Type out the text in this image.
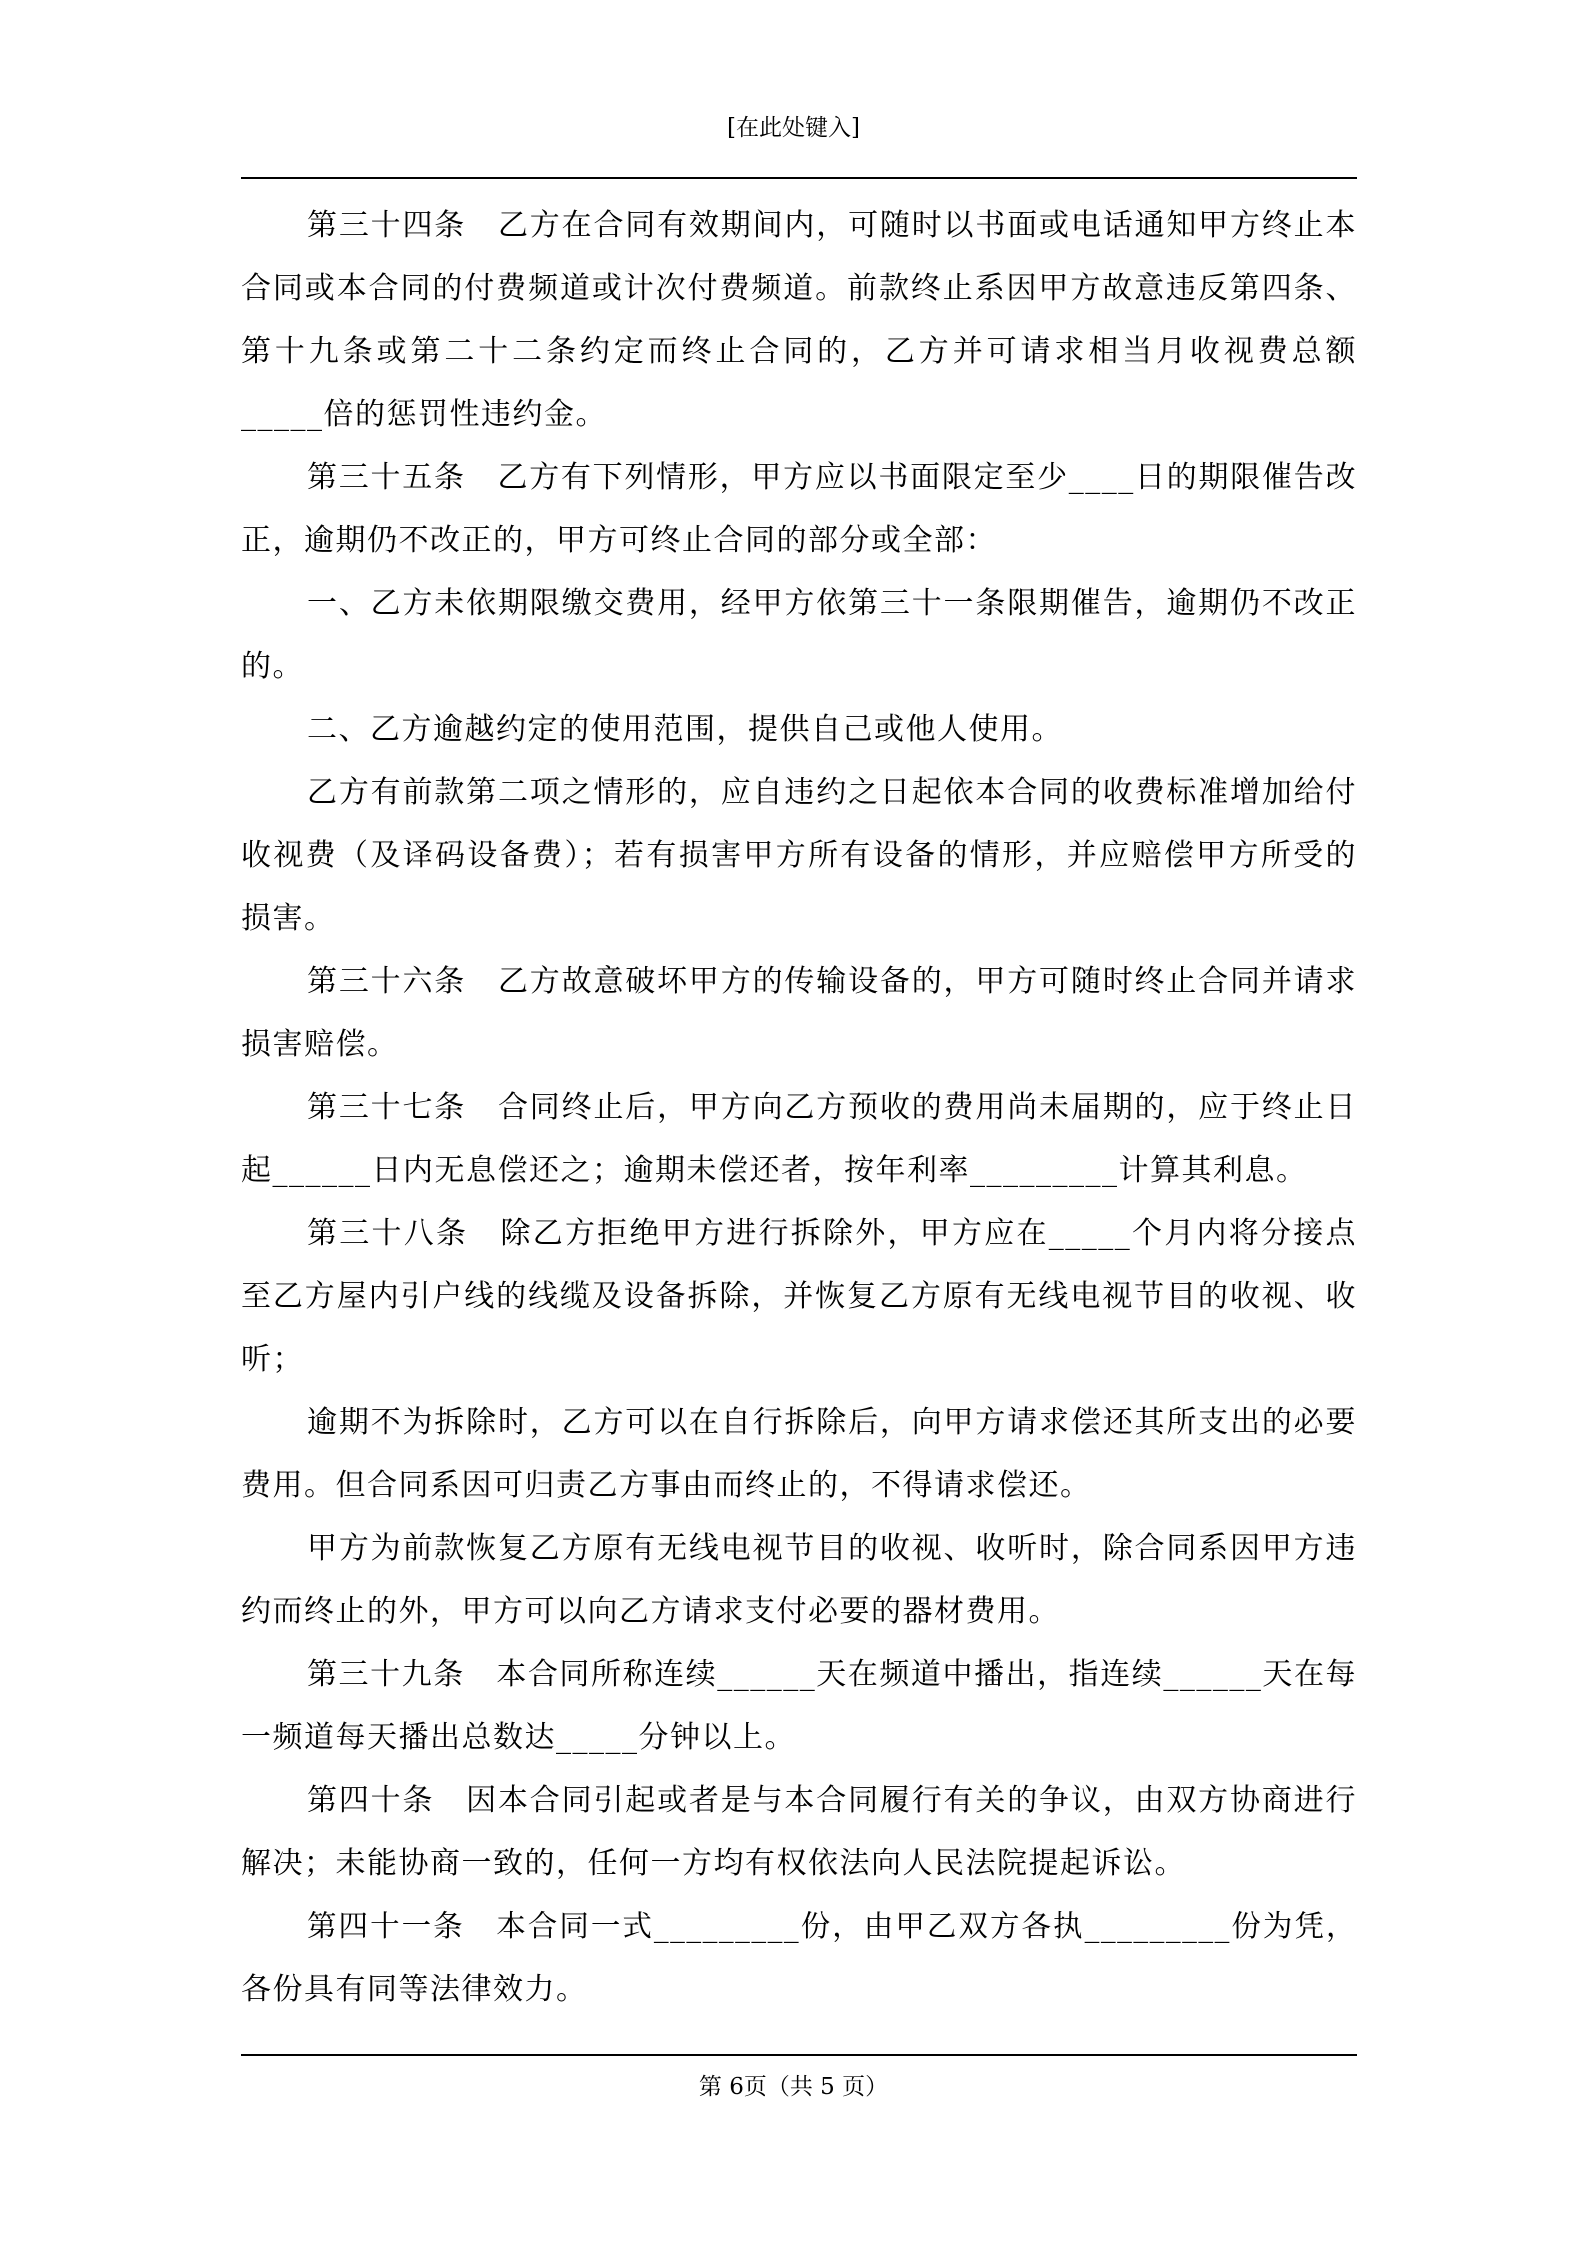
[在此处键入]
第三十四条　乙方在合同有效期间内，可随时以书面或电话通知甲方终止本
合同或本合同的付费频道或计次付费频道。前款终止系因甲方故意违反第四条、
第十九条或第二十二条约定而终止合同的，乙方并可请求相当月收视费总额
_____倍的惩罚性违约金。
第三十五条　乙方有下列情形，甲方应以书面限定至少____日的期限催告改
正，逾期仍不改正的，甲方可终止合同的部分或全部：
一、乙方未依期限缴交费用，经甲方依第三十一条限期催告，逾期仍不改正
的。
二、乙方逾越约定的使用范围，提供自己或他人使用。
乙方有前款第二项之情形的，应自违约之日起依本合同的收费标准增加给付
收视费（及译码设备费）；若有损害甲方所有设备的情形，并应赔偿甲方所受的
损害。
第三十六条　乙方故意破坏甲方的传输设备的，甲方可随时终止合同并请求
损害赔偿。
第三十七条　合同终止后，甲方向乙方预收的费用尚未届期的，应于终止日
起______日内无息偿还之；逾期未偿还者，按年利率_________计算其利息。
第三十八条　除乙方拒绝甲方进行拆除外，甲方应在_____个月内将分接点
至乙方屋内引户线的线缆及设备拆除，并恢复乙方原有无线电视节目的收视、收
听；
逾期不为拆除时，乙方可以在自行拆除后，向甲方请求偿还其所支出的必要
费用。但合同系因可归责乙方事由而终止的，不得请求偿还。
甲方为前款恢复乙方原有无线电视节目的收视、收听时，除合同系因甲方违
约而终止的外，甲方可以向乙方请求支付必要的器材费用。
第三十九条　本合同所称连续______天在频道中播出，指连续______天在每
一频道每天播出总数达_____分钟以上。
第四十条　因本合同引起或者是与本合同履行有关的争议，由双方协商进行
解决；未能协商一致的，任何一方均有权依法向人民法院提起诉讼。
第四十一条　本合同一式_________份，由甲乙双方各执_________份为凭，
各份具有同等法律效力。
第 6页（共 5 页）
